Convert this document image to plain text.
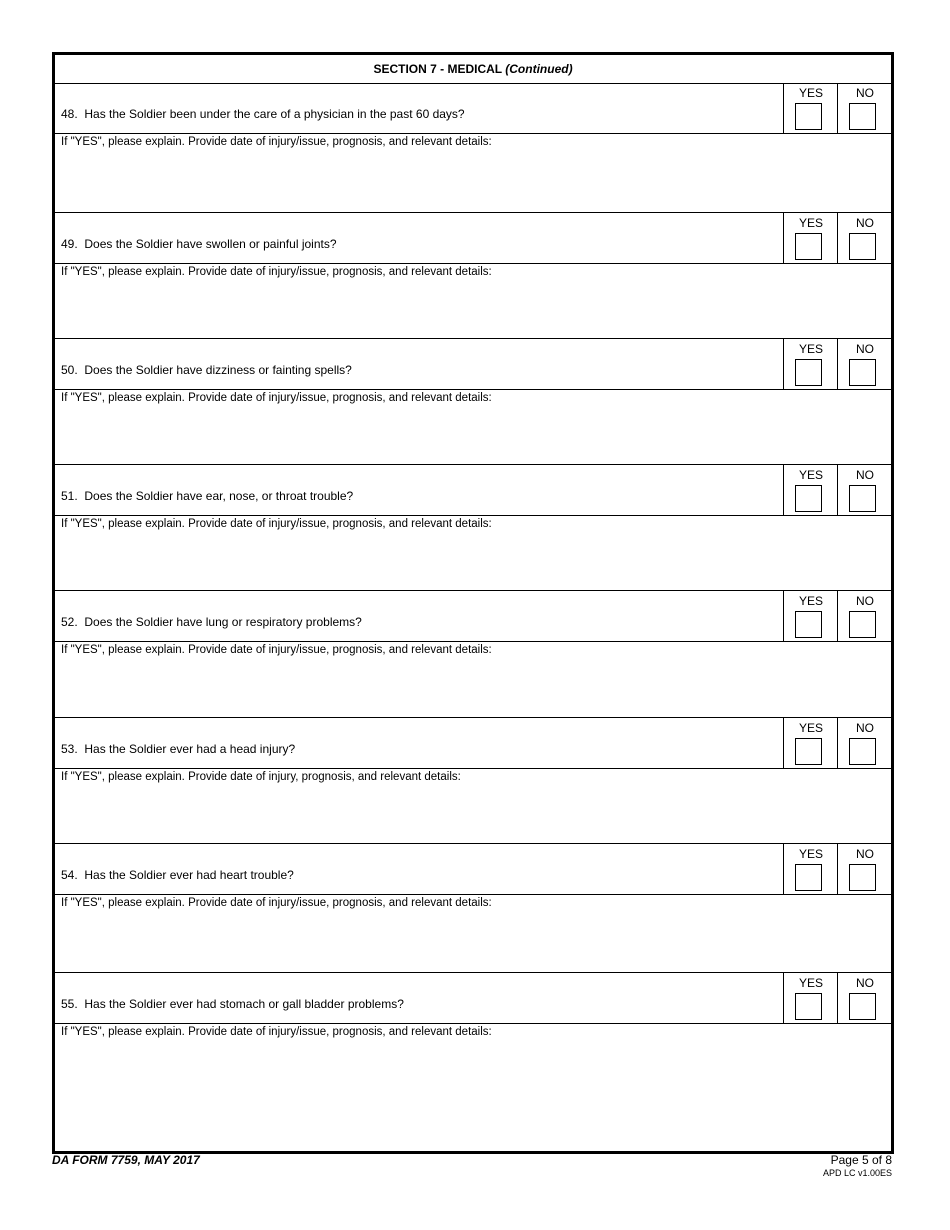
SECTION 7 - MEDICAL (Continued)
48. Has the Soldier been under the care of a physician in the past 60 days?
YES	NO
If "YES", please explain. Provide date of injury/issue, prognosis, and relevant details:
49. Does the Soldier have swollen or painful joints?
YES	NO
If "YES", please explain. Provide date of injury/issue, prognosis, and relevant details:
50. Does the Soldier have dizziness or fainting spells?
YES	NO
If "YES", please explain. Provide date of injury/issue, prognosis, and relevant details:
51. Does the Soldier have ear, nose, or throat trouble?
YES	NO
If "YES", please explain. Provide date of injury/issue, prognosis, and relevant details:
52. Does the Soldier have lung or respiratory problems?
YES	NO
If "YES", please explain. Provide date of injury/issue, prognosis, and relevant details:
53. Has the Soldier ever had a head injury?
YES	NO
If "YES", please explain. Provide date of injury, prognosis, and relevant details:
54. Has the Soldier ever had heart trouble?
YES	NO
If "YES", please explain. Provide date of injury/issue, prognosis, and relevant details:
55. Has the Soldier ever had stomach or gall bladder problems?
YES	NO
If "YES", please explain. Provide date of injury/issue, prognosis, and relevant details:
DA FORM 7759, MAY 2017	Page 5 of 8
APD LC v1.00ES
